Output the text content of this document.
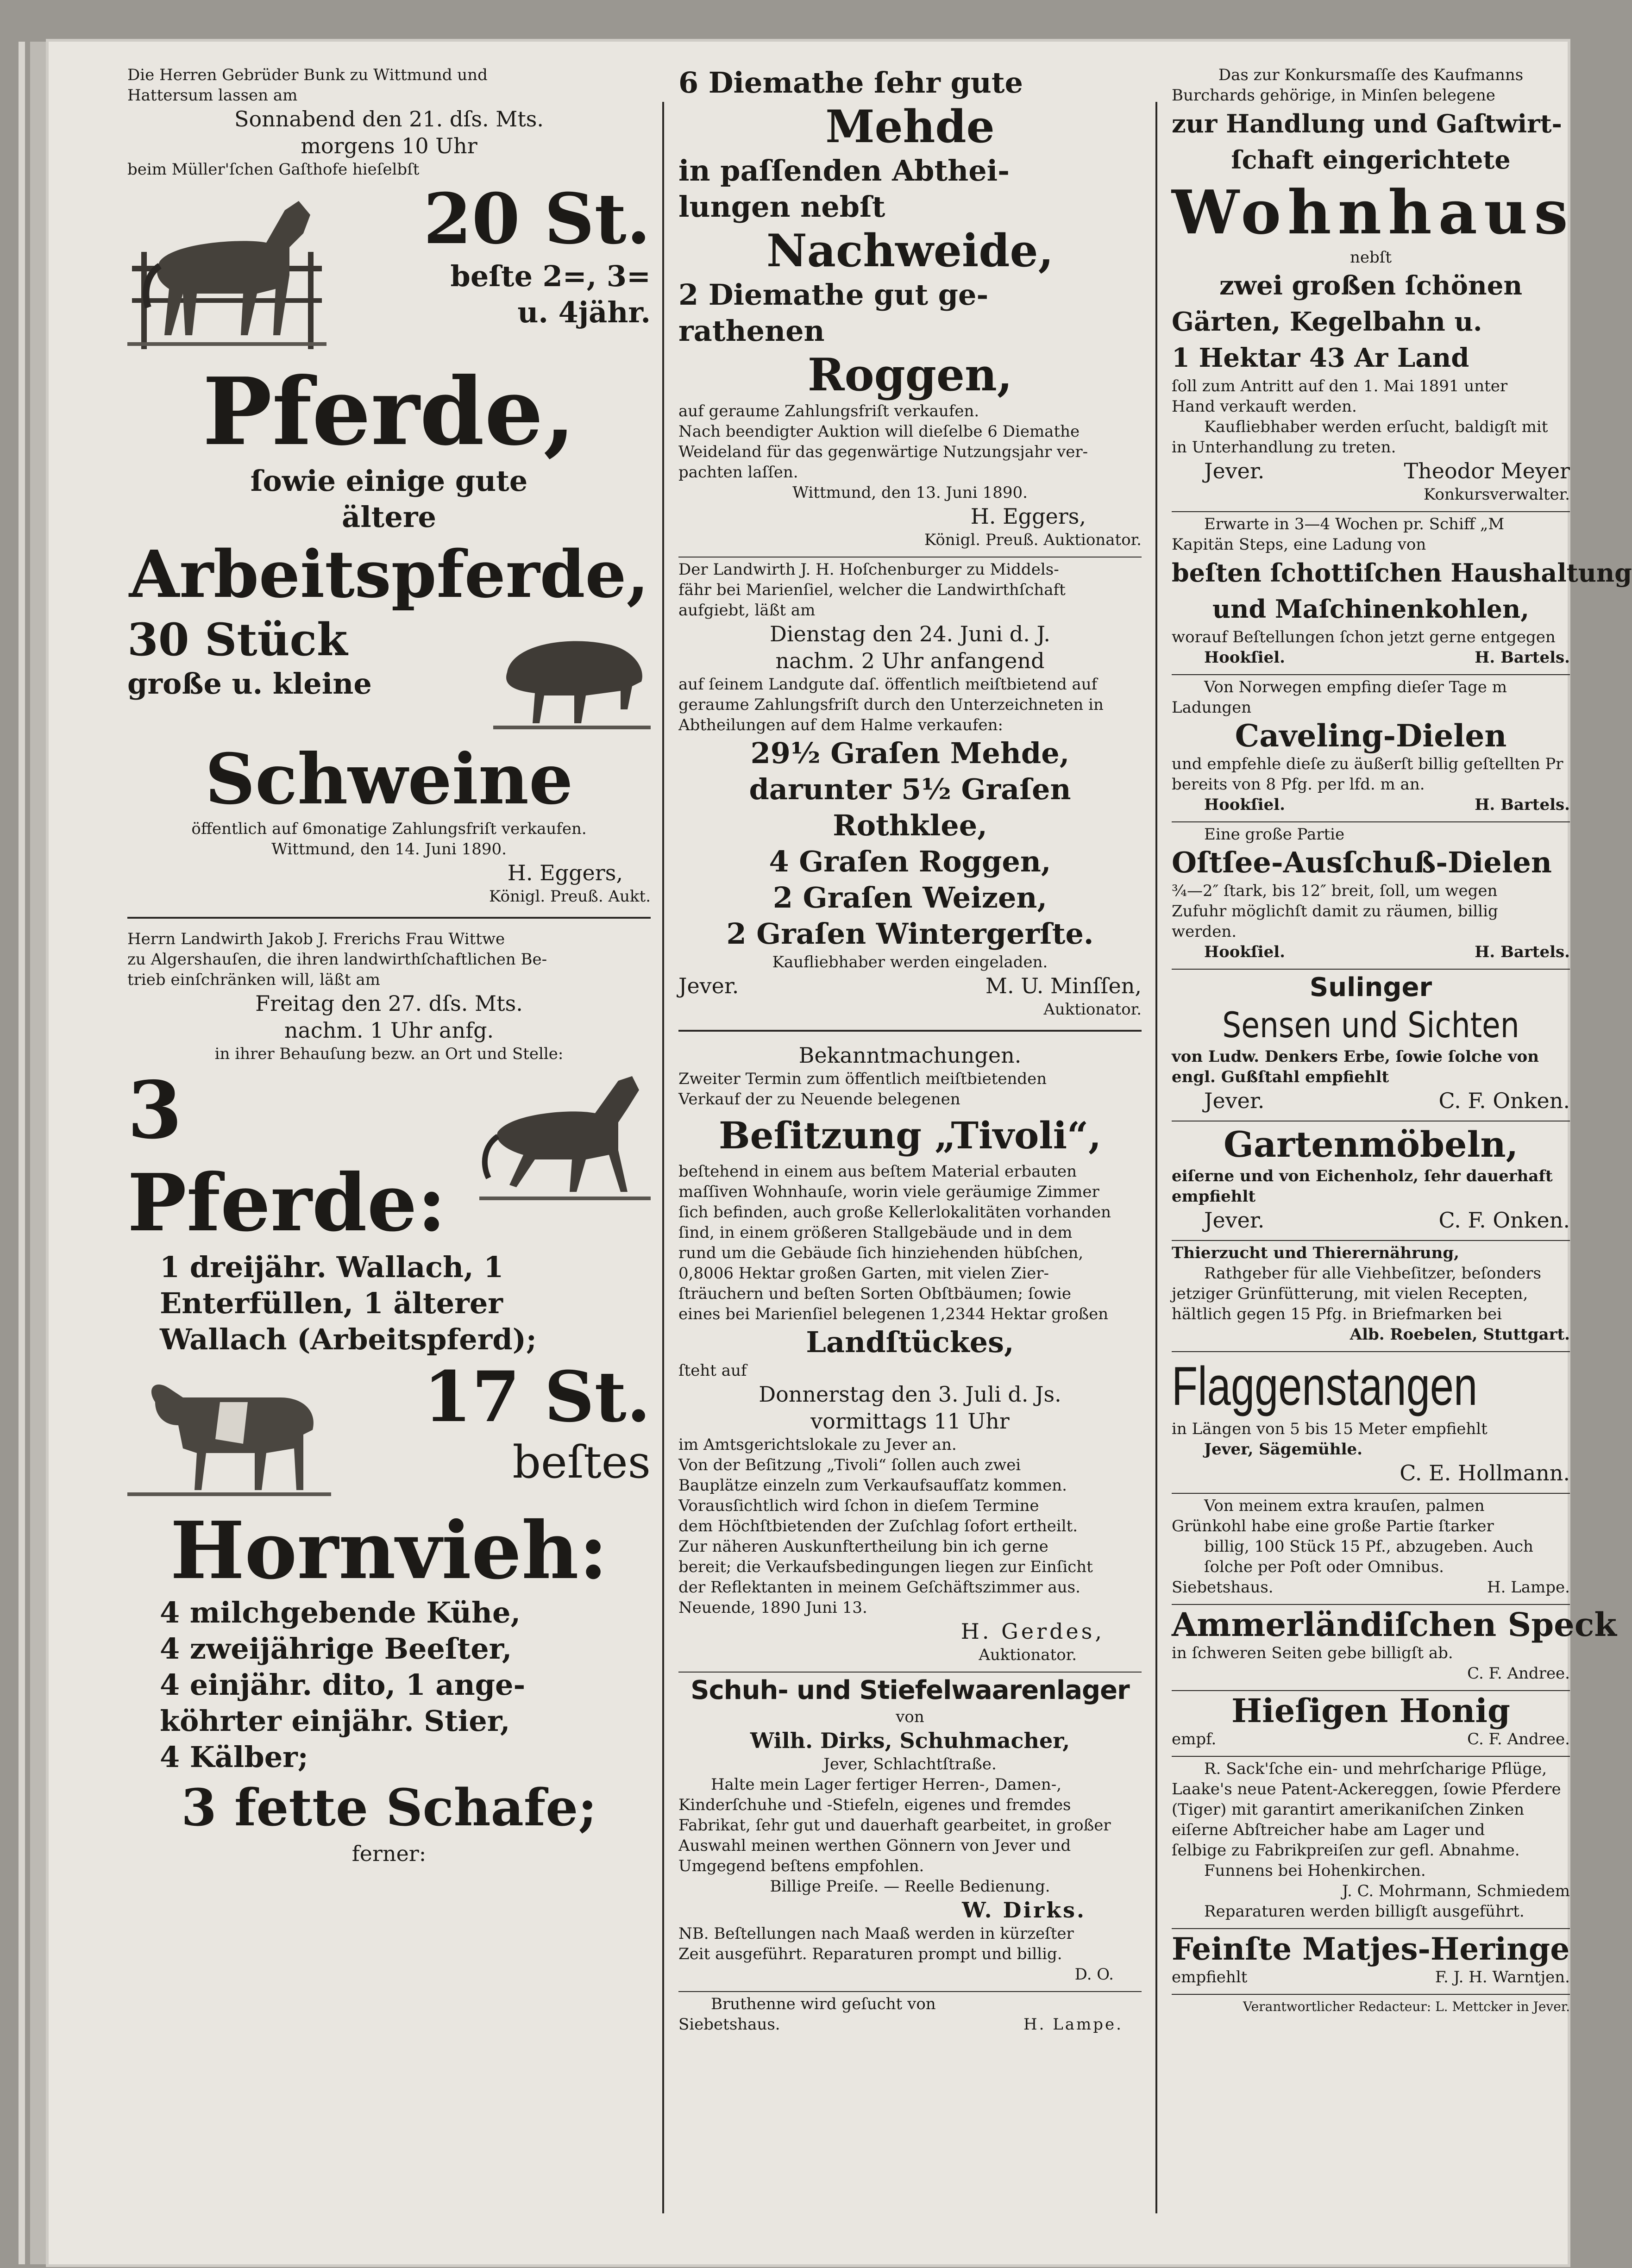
Die Herren Gebrüder Bunk zu Wittmund und
Hattersum lassen am
Sonnabend den 21. dſs. Mts.
morgens 10 Uhr
beim Müller'ſchen Gaſthofe hieſelbſt
20 St.
beſte 2=, 3=
u. 4jähr.
Pferde,
ſowie einige gute
ältere
Arbeitspferde,
30 Stück
große u. kleine
Schweine
öffentlich auf 6monatige Zahlungsfriſt verkaufen.
Wittmund, den 14. Juni 1890.
H. Eggers,
Königl. Preuß. Aukt.
Herrn Landwirth Jakob J. Frerichs Frau Wittwe
zu Algershauſen, die ihren landwirthſchaftlichen Be-
trieb einſchränken will, läßt am
Freitag den 27. dſs. Mts.
nachm. 1 Uhr anfg.
in ihrer Behauſung bezw. an Ort und Stelle:
3 Pferde:
1 dreijähr. Wallach, 1
Enterfüllen, 1 älterer
Wallach (Arbeitspferd);
17 St.
beſtes
Hornvieh:
4 milchgebende Kühe,
4 zweijährige Beeſter,
4 einjähr. dito, 1 ange-
köhrter einjähr. Stier,
4 Kälber;
3 fette Schafe;
ferner:
6 Diemathe ſehr gute
Mehde
in paſſenden Abthei-
lungen nebſt
Nachweide,
2 Diemathe gut ge-
rathenen
Roggen,
auf geraume Zahlungsfriſt verkaufen.
Nach beendigter Auktion will dieſelbe 6 Diemathe
Weideland für das gegenwärtige Nutzungsjahr ver-
pachten laſſen.
Wittmund, den 13. Juni 1890.
H. Eggers,
Königl. Preuß. Auktionator.
Der Landwirth J. H. Hoſchenburger zu Middels-
fähr bei Marienſiel, welcher die Landwirthſchaft
aufgiebt, läßt am
Dienstag den 24. Juni d. J.
nachm. 2 Uhr anfangend
auf ſeinem Landgute daſ. öffentlich meiſtbietend auf
geraume Zahlungsfriſt durch den Unterzeichneten in
Abtheilungen auf dem Halme verkaufen:
29½ Graſen Mehde,
darunter 5½ Graſen
Rothklee,
4 Graſen Roggen,
2 Graſen Weizen,
2 Graſen Wintergerſte.
Kaufliebhaber werden eingeladen.
Jever.	M. U. Minſſen,
Auktionator.
Bekanntmachungen.
Zweiter Termin zum öffentlich meiſtbietenden
Verkauf der zu Neuende belegenen
Beſitzung „Tivoli“,
beſtehend in einem aus beſtem Material erbauten
maſſiven Wohnhauſe, worin viele geräumige Zimmer
ſich befinden, auch große Kellerlokalitäten vorhanden
ſind, in einem größeren Stallgebäude und in dem
rund um die Gebäude ſich hinziehenden hübſchen,
0,8006 Hektar großen Garten, mit vielen Zier-
ſträuchern und beſten Sorten Obſtbäumen; ſowie
eines bei Marienſiel belegenen 1,2344 Hektar großen
Landſtückes,
ſteht auf
Donnerstag den 3. Juli d. Js.
vormittags 11 Uhr
im Amtsgerichtslokale zu Jever an.
Von der Beſitzung „Tivoli“ ſollen auch zwei
Bauplätze einzeln zum Verkaufsaufſatz kommen.
Vorausſichtlich wird ſchon in dieſem Termine
dem Höchſtbietenden der Zuſchlag ſofort ertheilt.
Zur näheren Auskunftertheilung bin ich gerne
bereit; die Verkaufsbedingungen liegen zur Einſicht
der Reflektanten in meinem Geſchäftszimmer aus.
Neuende, 1890 Juni 13.
H. Gerdes,
Auktionator.
Schuh- und Stiefelwaarenlager
von
Wilh. Dirks, Schuhmacher,
Jever, Schlachtſtraße.
Halte mein Lager fertiger Herren-, Damen-,
Kinderſchuhe und -Stiefeln, eigenes und fremdes
Fabrikat, ſehr gut und dauerhaft gearbeitet, in großer
Auswahl meinen werthen Gönnern von Jever und
Umgegend beſtens empfohlen.
Billige Preiſe. — Reelle Bedienung.
W. Dirks.
NB. Beſtellungen nach Maaß werden in kürzeſter
Zeit ausgeführt. Reparaturen prompt und billig.
D. O.
Bruthenne wird geſucht von
Siebetshaus.	H. Lampe.
Das zur Konkursmaſſe des Kaufmanns
Burchards gehörige, in Minſen belegene
zur Handlung und Gaſtwirt-
ſchaft eingerichtete
Wohnhaus
nebſt
zwei großen ſchönen
Gärten, Kegelbahn u.
1 Hektar 43 Ar Land
ſoll zum Antritt auf den 1. Mai 1891 unter
Hand verkauft werden.
Kaufliebhaber werden erſucht, baldigſt mit
in Unterhandlung zu treten.
Jever.	Theodor Meyer
Konkursverwalter.
Erwarte in 3—4 Wochen pr. Schiff „M
Kapitän Steps, eine Ladung von
beſten ſchottiſchen Haushaltung
und Maſchinenkohlen,
worauf Beſtellungen ſchon jetzt gerne entgegen
Hookſiel.	H. Bartels.
Von Norwegen empfing dieſer Tage m
Ladungen
Caveling-Dielen
und empfehle dieſe zu äußerſt billig geſtellten Pr
bereits von 8 Pfg. per lfd. m an.
Hookſiel.	H. Bartels.
Eine große Partie
Oſtſee-Ausſchuß-Dielen
¾—2″ ſtark, bis 12″ breit, ſoll, um wegen
Zufuhr möglichſt damit zu räumen, billig
werden.
Hookſiel.	H. Bartels.
Sulinger
Sensen und Sichten
von Ludw. Denkers Erbe, ſowie ſolche von
engl. Gußſtahl empfiehlt
Jever.	C. F. Onken.
Gartenmöbeln,
eiſerne und von Eichenholz, ſehr dauerhaft
empfiehlt
Jever.	C. F. Onken.
Thierzucht und Thierernährung,
Rathgeber für alle Viehbeſitzer, beſonders
jetziger Grünfütterung, mit vielen Recepten,
hältlich gegen 15 Pfg. in Briefmarken bei
Alb. Roebelen, Stuttgart.
Flaggenstangen
in Längen von 5 bis 15 Meter empfiehlt
Jever, Sägemühle.
C. E. Hollmann.
Von meinem extra krauſen, palmen
Grünkohl habe eine große Partie ſtarker
billig, 100 Stück 15 Pf., abzugeben. Auch
ſolche per Poſt oder Omnibus.
Siebetshaus.	H. Lampe.
Ammerländiſchen Speck
in ſchweren Seiten gebe billigſt ab.
C. F. Andree.
Hieſigen Honig
empf.	C. F. Andree.
R. Sack'ſche ein- und mehrſcharige Pflüge,
Laake's neue Patent-Ackereggen, ſowie Pferdere
(Tiger) mit garantirt amerikaniſchen Zinken
eiſerne Abſtreicher habe am Lager und
ſelbige zu Fabrikpreiſen zur gefl. Abnahme.
Funnens bei Hohenkirchen.
J. C. Mohrmann, Schmiedem
Reparaturen werden billigſt ausgeführt.
Feinſte Matjes-Heringe
empfiehlt	F. J. H. Warntjen.
Verantwortlicher Redacteur: L. Mettcker in Jever.
